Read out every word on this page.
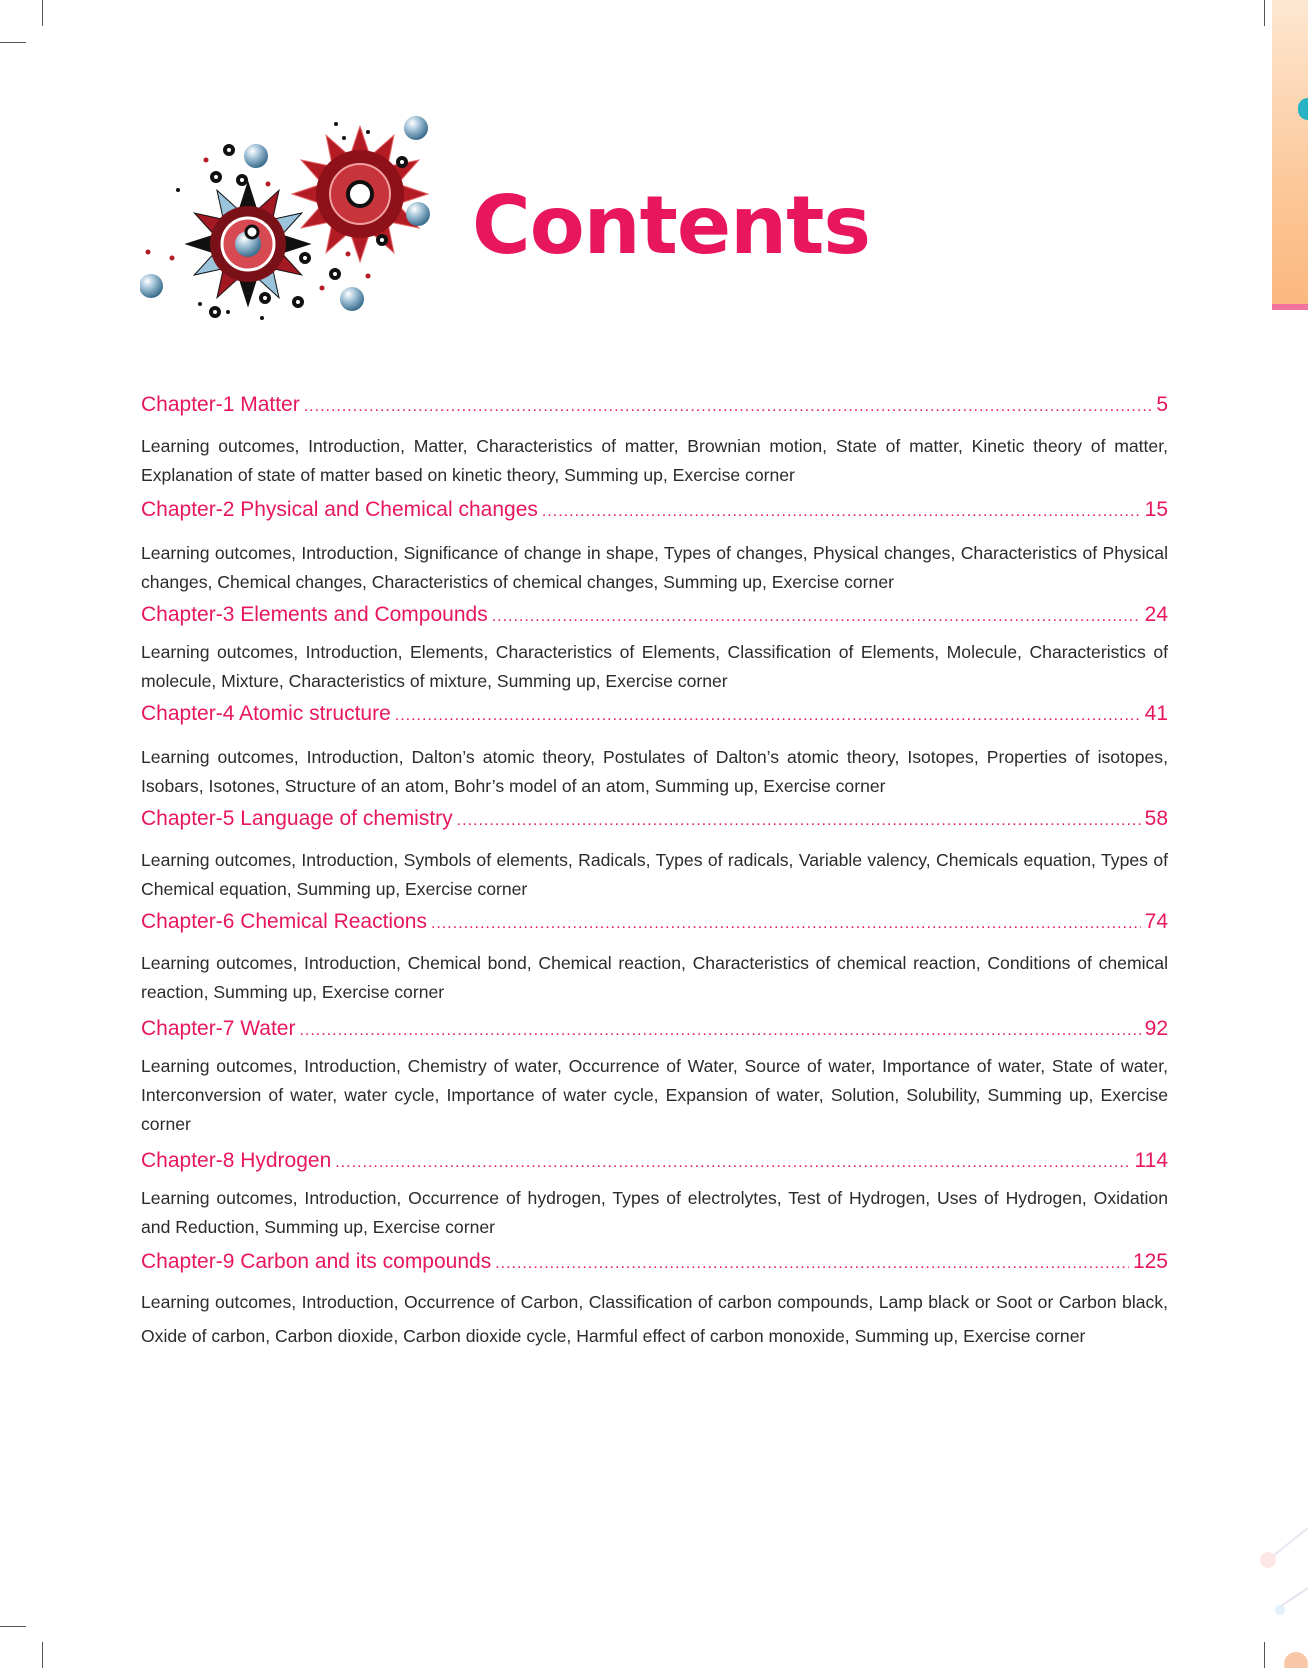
Contents
Chapter-1 Matter .....	5

Learning outcomes, Introduction, Matter, Characteristics of matter, Brownian motion, State of matter, Kinetic theory of matter, Explanation of state of matter based on kinetic theory, Summing up, Exercise corner

Chapter-2 Physical and Chemical changes .....	15

Learning outcomes, Introduction, Significance of change in shape, Types of changes, Physical changes, Characteristics of Physical changes, Chemical changes, Characteristics of chemical changes, Summing up, Exercise corner

Chapter-3 Elements and Compounds .....	24

Learning outcomes, Introduction, Elements, Characteristics of Elements, Classification of Elements, Molecule, Characteristics of molecule, Mixture, Characteristics of mixture, Summing up, Exercise corner

Chapter-4 Atomic structure .....	41

Learning outcomes, Introduction, Dalton’s atomic theory, Postulates of Dalton’s atomic theory, Isotopes, Properties of isotopes, Isobars, Isotones, Structure of an atom, Bohr’s model of an atom, Summing up, Exercise corner

Chapter-5 Language of chemistry .....	58

Learning outcomes, Introduction, Symbols of elements, Radicals, Types of radicals, Variable valency, Chemicals equation, Types of Chemical equation, Summing up, Exercise corner

Chapter-6 Chemical Reactions .....	74

Learning outcomes, Introduction, Chemical bond, Chemical reaction, Characteristics of chemical reaction, Conditions of chemical reaction, Summing up, Exercise corner

Chapter-7 Water .....	92

Learning outcomes, Introduction, Chemistry of water, Occurrence of Water, Source of water, Importance of water, State of water, Interconversion of water, water cycle, Importance of water cycle, Expansion of water, Solution, Solubility, Summing up, Exercise corner

Chapter-8 Hydrogen .....	114

Learning outcomes, Introduction, Occurrence of hydrogen, Types of electrolytes, Test of Hydrogen, Uses of Hydrogen, Oxidation and Reduction, Summing up, Exercise corner

Chapter-9 Carbon and its compounds .....	125

Learning outcomes, Introduction, Occurrence of Carbon, Classification of carbon compounds, Lamp black or Soot or Carbon black, Oxide of carbon, Carbon dioxide, Carbon dioxide cycle, Harmful effect of carbon monoxide, Summing up, Exercise corner
